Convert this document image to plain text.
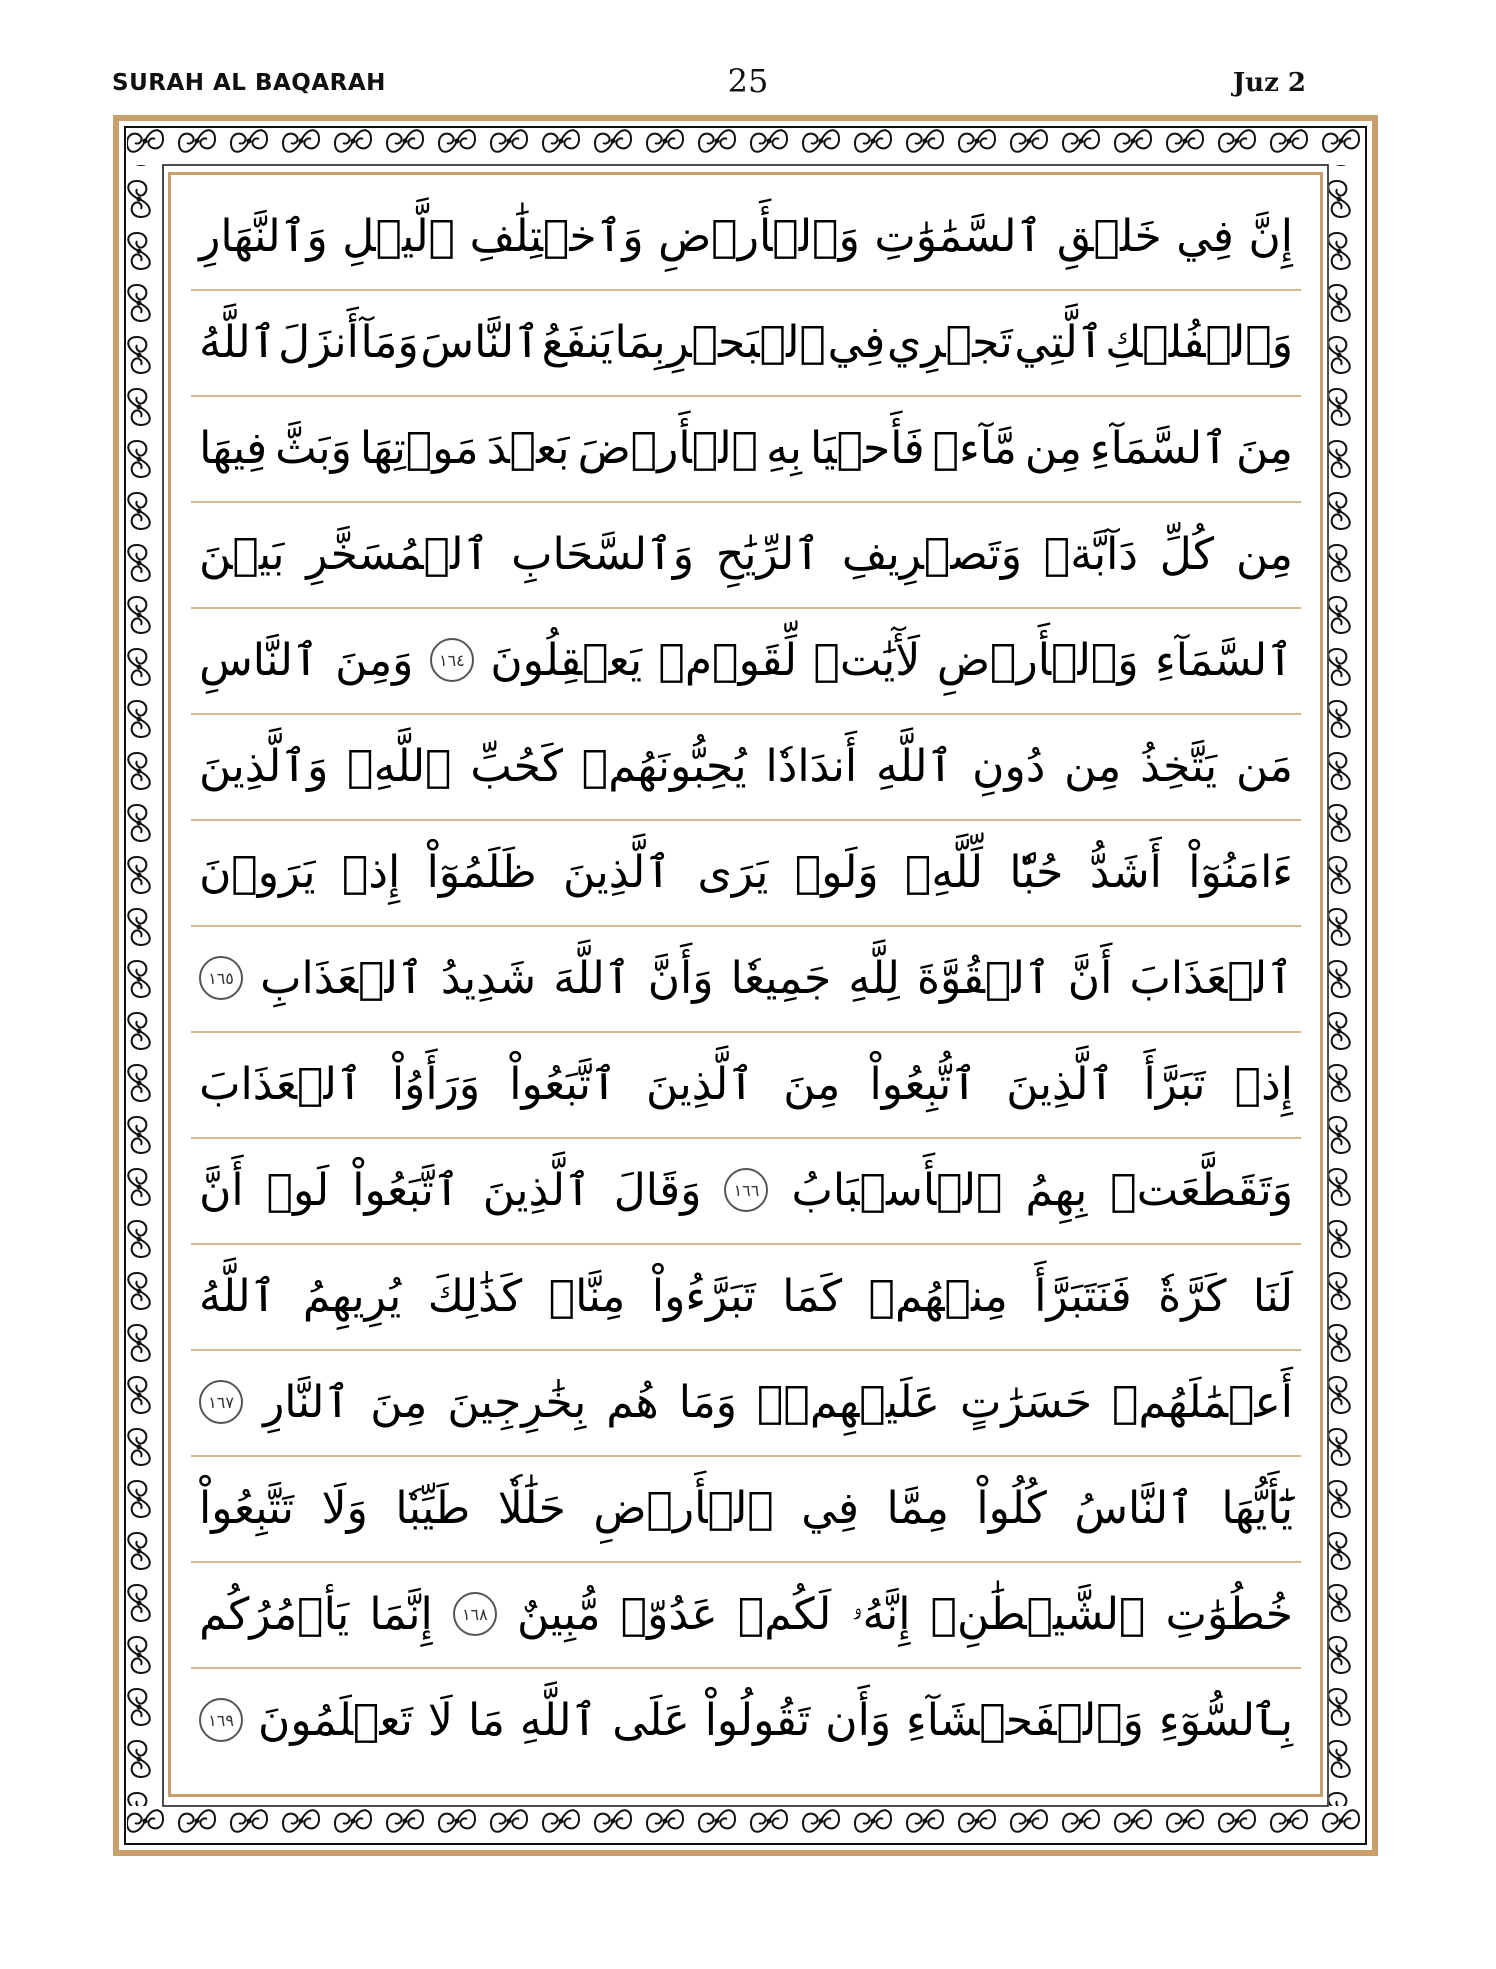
SURAH AL BAQARAH	25	Juz 2
إِنَّ
فِي
خَلۡقِ
ٱلسَّمَٰوَٰتِ
وَٱلۡأَرۡضِ
وَٱخۡتِلَٰفِ
ٱلَّيۡلِ
وَٱلنَّهَارِ
وَٱلۡفُلۡكِ
ٱلَّتِي
تَجۡرِي
فِي
ٱلۡبَحۡرِ
بِمَا
يَنفَعُ
ٱلنَّاسَ
وَمَآ
أَنزَلَ
ٱللَّهُ
مِنَ
ٱلسَّمَآءِ
مِن
مَّآءٖ
فَأَحۡيَا
بِهِ
ٱلۡأَرۡضَ
بَعۡدَ
مَوۡتِهَا
وَبَثَّ
فِيهَا
مِن
كُلِّ
دَآبَّةٖ
وَتَصۡرِيفِ
ٱلرِّيَٰحِ
وَٱلسَّحَابِ
ٱلۡمُسَخَّرِ
بَيۡنَ
ٱلسَّمَآءِ
وَٱلۡأَرۡضِ
لَأٓيَٰتٖ
لِّقَوۡمٖ
يَعۡقِلُونَ
١٦٤
وَمِنَ
ٱلنَّاسِ
مَن
يَتَّخِذُ
مِن
دُونِ
ٱللَّهِ
أَندَادٗا
يُحِبُّونَهُمۡ
كَحُبِّ
ٱللَّهِۖ
وَٱلَّذِينَ
ءَامَنُوٓاْ
أَشَدُّ
حُبّٗا
لِّلَّهِۗ
وَلَوۡ
يَرَى
ٱلَّذِينَ
ظَلَمُوٓاْ
إِذۡ
يَرَوۡنَ
ٱلۡعَذَابَ
أَنَّ
ٱلۡقُوَّةَ
لِلَّهِ
جَمِيعٗا
وَأَنَّ
ٱللَّهَ
شَدِيدُ
ٱلۡعَذَابِ
١٦٥
إِذۡ
تَبَرَّأَ
ٱلَّذِينَ
ٱتُّبِعُواْ
مِنَ
ٱلَّذِينَ
ٱتَّبَعُواْ
وَرَأَوُاْ
ٱلۡعَذَابَ
وَتَقَطَّعَتۡ
بِهِمُ
ٱلۡأَسۡبَابُ
١٦٦
وَقَالَ
ٱلَّذِينَ
ٱتَّبَعُواْ
لَوۡ
أَنَّ
لَنَا
كَرَّةٗ
فَنَتَبَرَّأَ
مِنۡهُمۡ
كَمَا
تَبَرَّءُواْ
مِنَّاۗ
كَذَٰلِكَ
يُرِيهِمُ
ٱللَّهُ
أَعۡمَٰلَهُمۡ
حَسَرَٰتٍ
عَلَيۡهِمۡۖ
وَمَا
هُم
بِخَٰرِجِينَ
مِنَ
ٱلنَّارِ
١٦٧
يَٰٓأَيُّهَا
ٱلنَّاسُ
كُلُواْ
مِمَّا
فِي
ٱلۡأَرۡضِ
حَلَٰلٗا
طَيِّبٗا
وَلَا
تَتَّبِعُواْ
خُطُوَٰتِ
ٱلشَّيۡطَٰنِۚ
إِنَّهُۥ
لَكُمۡ
عَدُوّٞ
مُّبِينٌ
١٦٨
إِنَّمَا
يَأۡمُرُكُم
بِٱلسُّوٓءِ
وَٱلۡفَحۡشَآءِ
وَأَن
تَقُولُواْ
عَلَى
ٱللَّهِ
مَا
لَا
تَعۡلَمُونَ
١٦٩
